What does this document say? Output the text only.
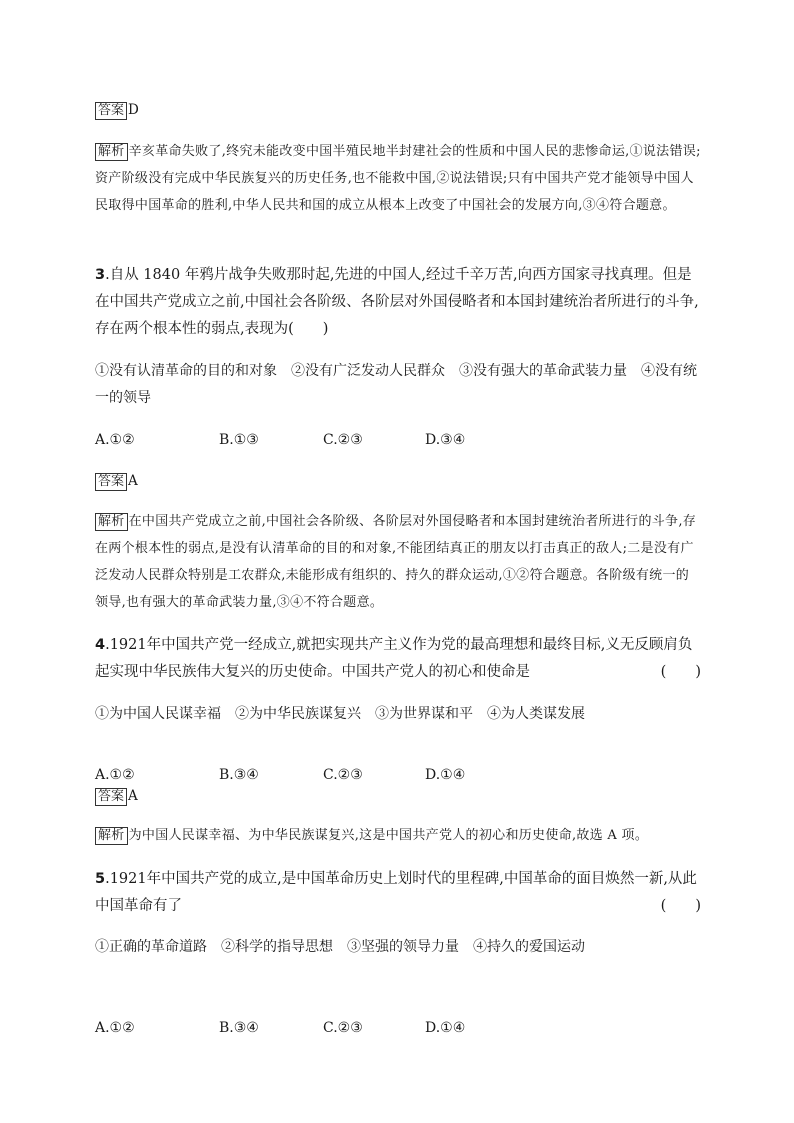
答案 D
解析 辛亥革命失败了,终究未能改变中国半殖民地半封建社会的性质和中国人民的悲惨命运,①说法错误;资产阶级没有完成中华民族复兴的历史任务,也不能救中国,②说法错误;只有中国共产党才能领导中国人民取得中国革命的胜利,中华人民共和国的成立从根本上改变了中国社会的发展方向,③④符合题意。
3.自从 1840 年鸦片战争失败那时起,先进的中国人,经过千辛万苦,向西方国家寻找真理。但是在中国共产党成立之前,中国社会各阶级、各阶层对外国侵略者和本国封建统治者所进行的斗争,存在两个根本性的弱点,表现为(　　)
①没有认清革命的目的和对象　②没有广泛发动人民群众　③没有强大的革命武装力量　④没有统一的领导
A.①②	B.①③	C.②③	D.③④
答案 A
解析 在中国共产党成立之前,中国社会各阶级、各阶层对外国侵略者和本国封建统治者所进行的斗争,存在两个根本性的弱点,是没有认清革命的目的和对象,不能团结真正的朋友以打击真正的敌人;二是没有广泛发动人民群众特别是工农群众,未能形成有组织的、持久的群众运动,①②符合题意。各阶级有统一的领导,也有强大的革命武装力量,③④不符合题意。
4.1921年中国共产党一经成立,就把实现共产主义作为党的最高理想和最终目标,义无反顾肩负起实现中华民族伟大复兴的历史使命。中国共产党人的初心和使命是	(　　)
①为中国人民谋幸福　②为中华民族谋复兴　③为世界谋和平　④为人类谋发展
A.①②	B.③④	C.②③	D.①④
答案 A
解析 为中国人民谋幸福、为中华民族谋复兴,这是中国共产党人的初心和历史使命,故选 A 项。
5.1921年中国共产党的成立,是中国革命历史上划时代的里程碑,中国革命的面目焕然一新,从此中国革命有了	(　　)
①正确的革命道路　②科学的指导思想　③坚强的领导力量　④持久的爱国运动
A.①②	B.③④	C.②③	D.①④
